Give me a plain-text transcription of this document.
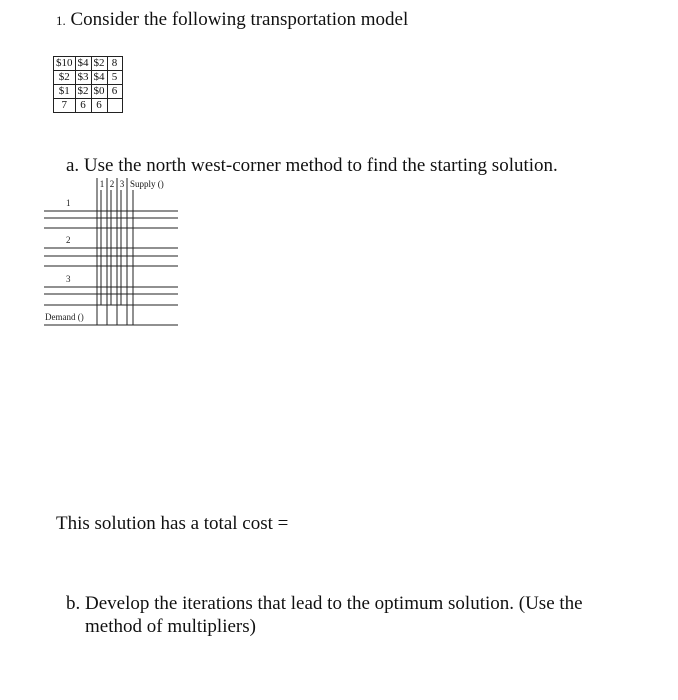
1. Consider the following transportation model
$10	$4	$2	8
$2	$3	$4	5
$1	$2	$0	6
7	6	6	
a. Use the north west-corner method to find the starting solution.
1
2
3
Demand ()
1 2 3 Supply ()
This solution has a total cost =
b. Develop the iterations that lead to the optimum solution. (Use the
method of multipliers)
